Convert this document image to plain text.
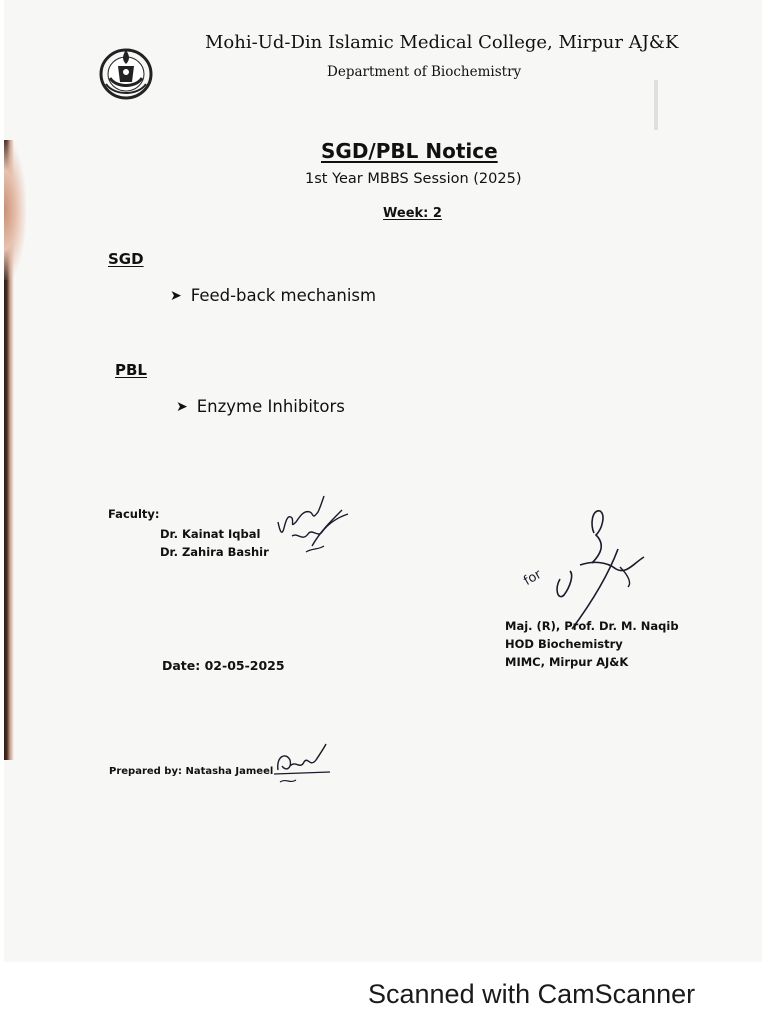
Mohi-Ud-Din Islamic Medical College, Mirpur AJ&K
Department of Biochemistry
SGD/PBL Notice
1st Year MBBS Session (2025)
Week: 2
SGD
➤ Feed-back mechanism
PBL
➤ Enzyme Inhibitors
Faculty:
Dr. Kainat Iqbal
Dr. Zahira Bashir
for
Maj. (R), Prof. Dr. M. Naqib
HOD Biochemistry
MIMC, Mirpur AJ&K
Date: 02-05-2025
Prepared by: Natasha Jameel
Scanned with CamScanner
